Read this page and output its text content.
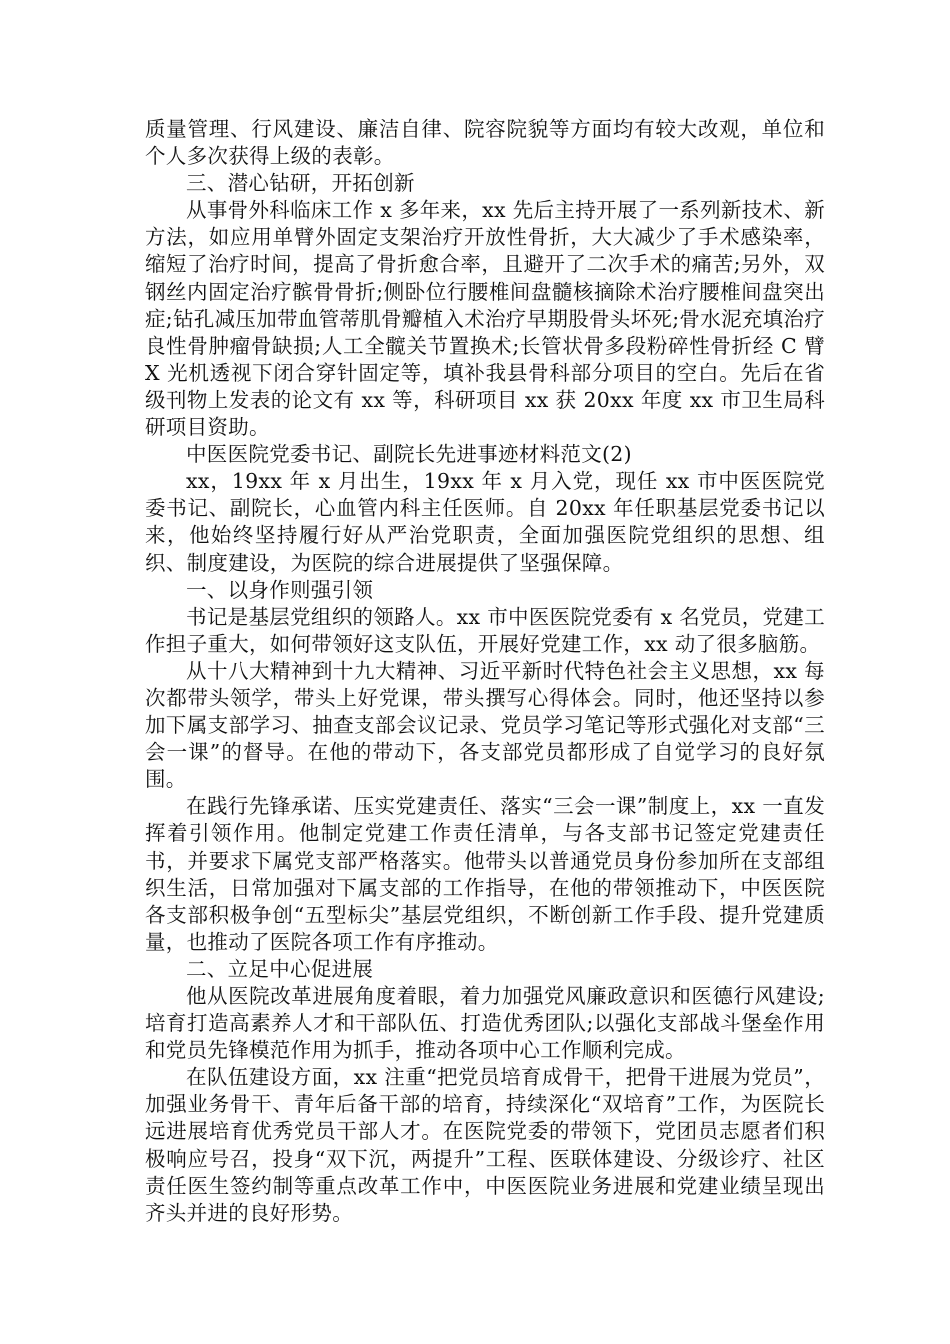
质量管理、行风建设、廉洁自律、院容院貌等方面均有较大改观，单位和个人多次获得上级的表彰。

三、潜心钻研，开拓创新

从事骨外科临床工作 x 多年来，xx 先后主持开展了一系列新技术、新方法，如应用单臂外固定支架治疗开放性骨折，大大减少了手术感染率，缩短了治疗时间，提高了骨折愈合率，且避开了二次手术的痛苦;另外，双钢丝内固定治疗髌骨骨折;侧卧位行腰椎间盘髓核摘除术治疗腰椎间盘突出症;钻孔减压加带血管蒂肌骨瓣植入术治疗早期股骨头坏死;骨水泥充填治疗良性骨肿瘤骨缺损;人工全髋关节置换术;长管状骨多段粉碎性骨折经 C 臂 X 光机透视下闭合穿针固定等，填补我县骨科部分项目的空白。先后在省级刊物上发表的论文有 xx 等，科研项目 xx 获 20xx 年度 xx 市卫生局科研项目资助。

中医医院党委书记、副院长先进事迹材料范文(2)

xx，19xx 年 x 月出生，19xx 年 x 月入党，现任 xx 市中医医院党委书记、副院长，心血管内科主任医师。自 20xx 年任职基层党委书记以来，他始终坚持履行好从严治党职责，全面加强医院党组织的思想、组织、制度建设，为医院的综合进展提供了坚强保障。

一、以身作则强引领

书记是基层党组织的领路人。xx 市中医医院党委有 x 名党员，党建工作担子重大，如何带领好这支队伍，开展好党建工作，xx 动了很多脑筋。

从十八大精神到十九大精神、习近平新时代特色社会主义思想，xx 每次都带头领学，带头上好党课，带头撰写心得体会。同时，他还坚持以参加下属支部学习、抽查支部会议记录、党员学习笔记等形式强化对支部“三会一课”的督导。在他的带动下，各支部党员都形成了自觉学习的良好氛围。

在践行先锋承诺、压实党建责任、落实“三会一课”制度上，xx 一直发挥着引领作用。他制定党建工作责任清单，与各支部书记签定党建责任书，并要求下属党支部严格落实。他带头以普通党员身份参加所在支部组织生活，日常加强对下属支部的工作指导，在他的带领推动下，中医医院各支部积极争创“五型标尖”基层党组织，不断创新工作手段、提升党建质量，也推动了医院各项工作有序推动。

二、立足中心促进展

他从医院改革进展角度着眼，着力加强党风廉政意识和医德行风建设;培育打造高素养人才和干部队伍、打造优秀团队;以强化支部战斗堡垒作用和党员先锋模范作用为抓手，推动各项中心工作顺利完成。

在队伍建设方面，xx 注重“把党员培育成骨干，把骨干进展为党员”，加强业务骨干、青年后备干部的培育，持续深化“双培育”工作，为医院长远进展培育优秀党员干部人才。在医院党委的带领下，党团员志愿者们积极响应号召，投身“双下沉，两提升”工程、医联体建设、分级诊疗、社区责任医生签约制等重点改革工作中，中医医院业务进展和党建业绩呈现出齐头并进的良好形势。
